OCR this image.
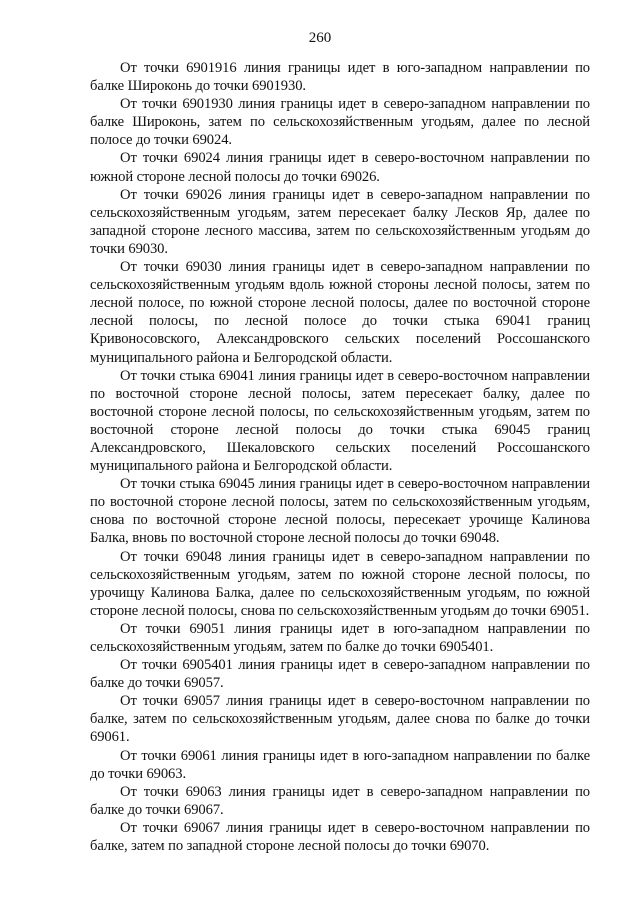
260

От точки 6901916 линия границы идет в юго-западном направлении по балке Широконь до точки 6901930.

От точки 6901930 линия границы идет в северо-западном направлении по балке Широконь, затем по сельскохозяйственным угодьям, далее по лесной полосе до точки 69024.

От точки 69024 линия границы идет в северо-восточном направлении по южной стороне лесной полосы до точки 69026.

От точки 69026 линия границы идет в северо-западном направлении по сельскохозяйственным угодьям, затем пересекает балку Лесков Яр, далее по западной стороне лесного массива, затем по сельскохозяйственным угодьям до точки 69030.

От точки 69030 линия границы идет в северо-западном направлении по сельскохозяйственным угодьям вдоль южной стороны лесной полосы, затем по лесной полосе, по южной стороне лесной полосы, далее по восточной стороне лесной полосы, по лесной полосе до точки стыка 69041 границ Кривоносовского, Александровского сельских поселений Россошанского муниципального района и Белгородской области.

От точки стыка 69041 линия границы идет в северо-восточном направлении по восточной стороне лесной полосы, затем пересекает балку, далее по восточной стороне лесной полосы, по сельскохозяйственным угодьям, затем по восточной стороне лесной полосы до точки стыка 69045 границ Александровского, Шекаловского сельских поселений Россошанского муниципального района и Белгородской области.

От точки стыка 69045 линия границы идет в северо-восточном направлении по восточной стороне лесной полосы, затем по сельскохозяйственным угодьям, снова по восточной стороне лесной полосы, пересекает урочище Калинова Балка, вновь по восточной стороне лесной полосы до точки 69048.

От точки 69048 линия границы идет в северо-западном направлении по сельскохозяйственным угодьям, затем по южной стороне лесной полосы, по урочищу Калинова Балка, далее по сельскохозяйственным угодьям, по южной стороне лесной полосы, снова по сельскохозяйственным угодьям до точки 69051.

От точки 69051 линия границы идет в юго-западном направлении по сельскохозяйственным угодьям, затем по балке до точки 6905401.

От точки 6905401 линия границы идет в северо-западном направлении по балке до точки 69057.

От точки 69057 линия границы идет в северо-восточном направлении по балке, затем по сельскохозяйственным угодьям, далее снова по балке до точки 69061.

От точки 69061 линия границы идет в юго-западном направлении по балке до точки 69063.

От точки 69063 линия границы идет в северо-западном направлении по балке до точки 69067.

От точки 69067 линия границы идет в северо-восточном направлении по балке, затем по западной стороне лесной полосы до точки 69070.
